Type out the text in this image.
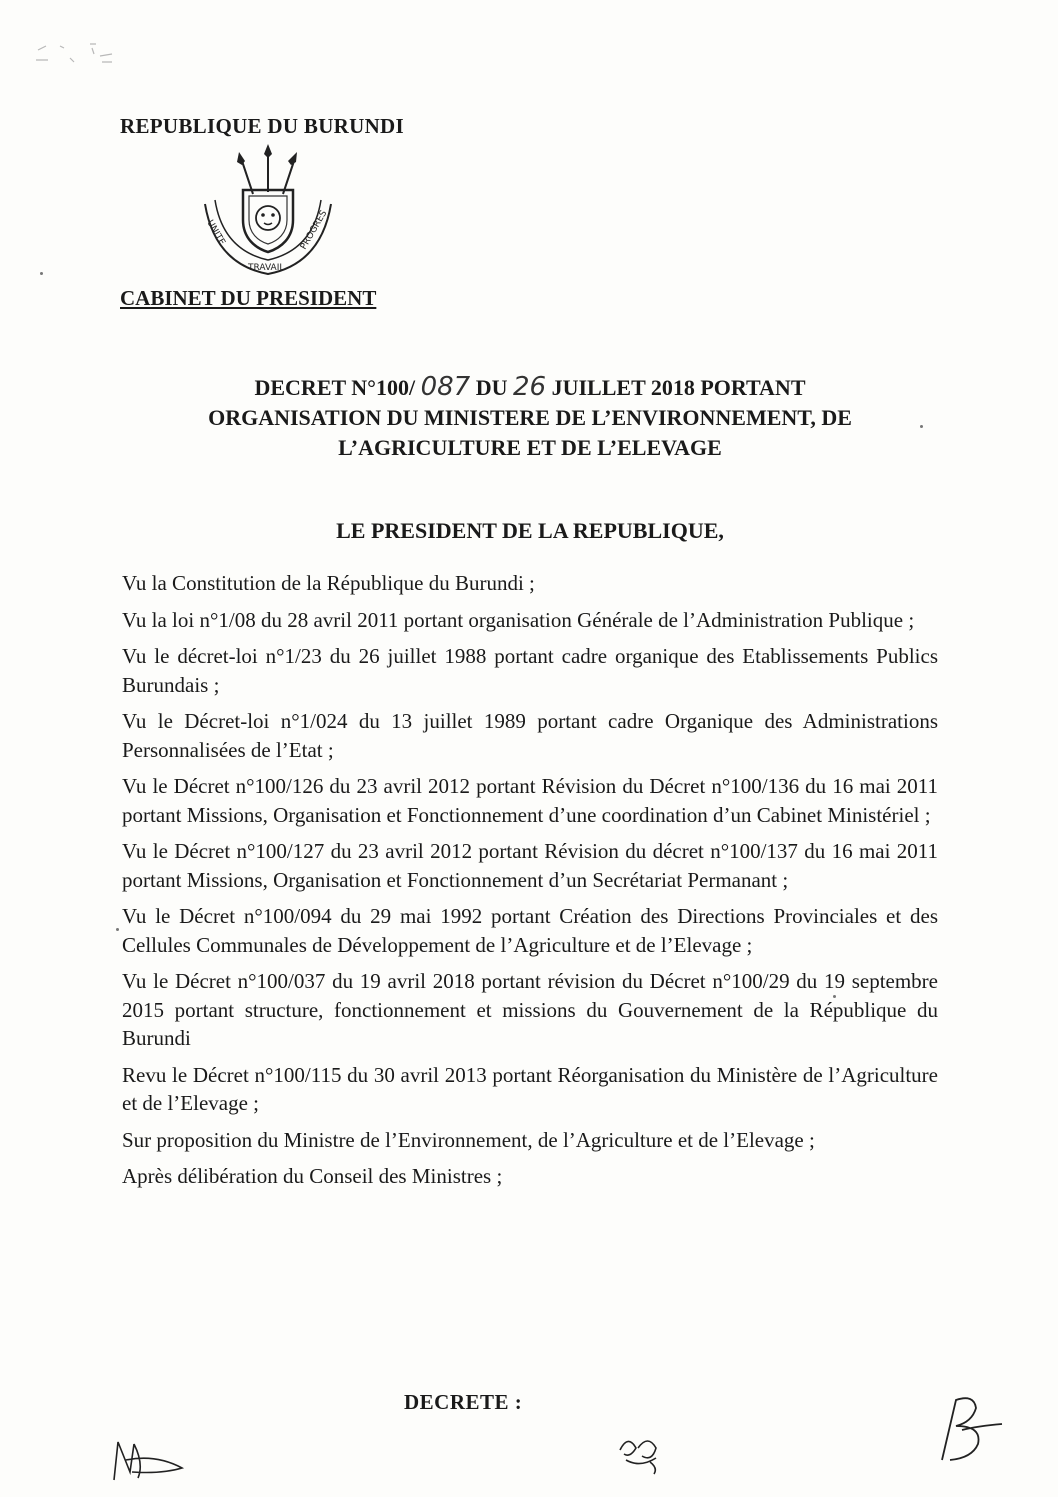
REPUBLIQUE DU BURUNDI
UNITE
TRAVAIL
PROGRES
CABINET DU PRESIDENT
DECRET N°100/ 087 DU 26 JUILLET 2018 PORTANT
ORGANISATION DU MINISTERE DE L’ENVIRONNEMENT, DE
L’AGRICULTURE ET DE L’ELEVAGE
LE PRESIDENT DE LA REPUBLIQUE,

Vu la Constitution de la République du Burundi ;

Vu la loi n°1/08 du 28 avril 2011 portant organisation Générale de l’Administration Publique ;

Vu le décret-loi n°1/23 du 26 juillet 1988 portant cadre organique des Etablissements Publics Burundais ;

Vu le Décret-loi n°1/024 du 13 juillet 1989 portant cadre Organique des Administrations Personnalisées de l’Etat ;

Vu le Décret n°100/126 du 23 avril 2012 portant Révision du Décret n°100/136 du 16 mai 2011 portant Missions, Organisation et Fonctionnement d’une coordination d’un Cabinet Ministériel ;

Vu le Décret n°100/127 du 23 avril 2012 portant Révision du décret n°100/137 du 16 mai 2011 portant Missions, Organisation et Fonctionnement d’un Secrétariat Permanant ;

Vu le Décret n°100/094 du 29 mai 1992 portant Création des Directions Provinciales et des Cellules Communales de Développement de l’Agriculture et de l’Elevage ;

Vu le Décret n°100/037 du 19 avril 2018 portant révision du Décret n°100/29 du 19 septembre 2015 portant structure, fonctionnement et missions du Gouvernement de la République du Burundi

Revu le Décret n°100/115 du 30 avril 2013 portant Réorganisation du Ministère de l’Agriculture et de l’Elevage ;

Sur proposition du Ministre de l’Environnement, de l’Agriculture et de l’Elevage ;

Après délibération du Conseil des Ministres ;

DECRETE :
